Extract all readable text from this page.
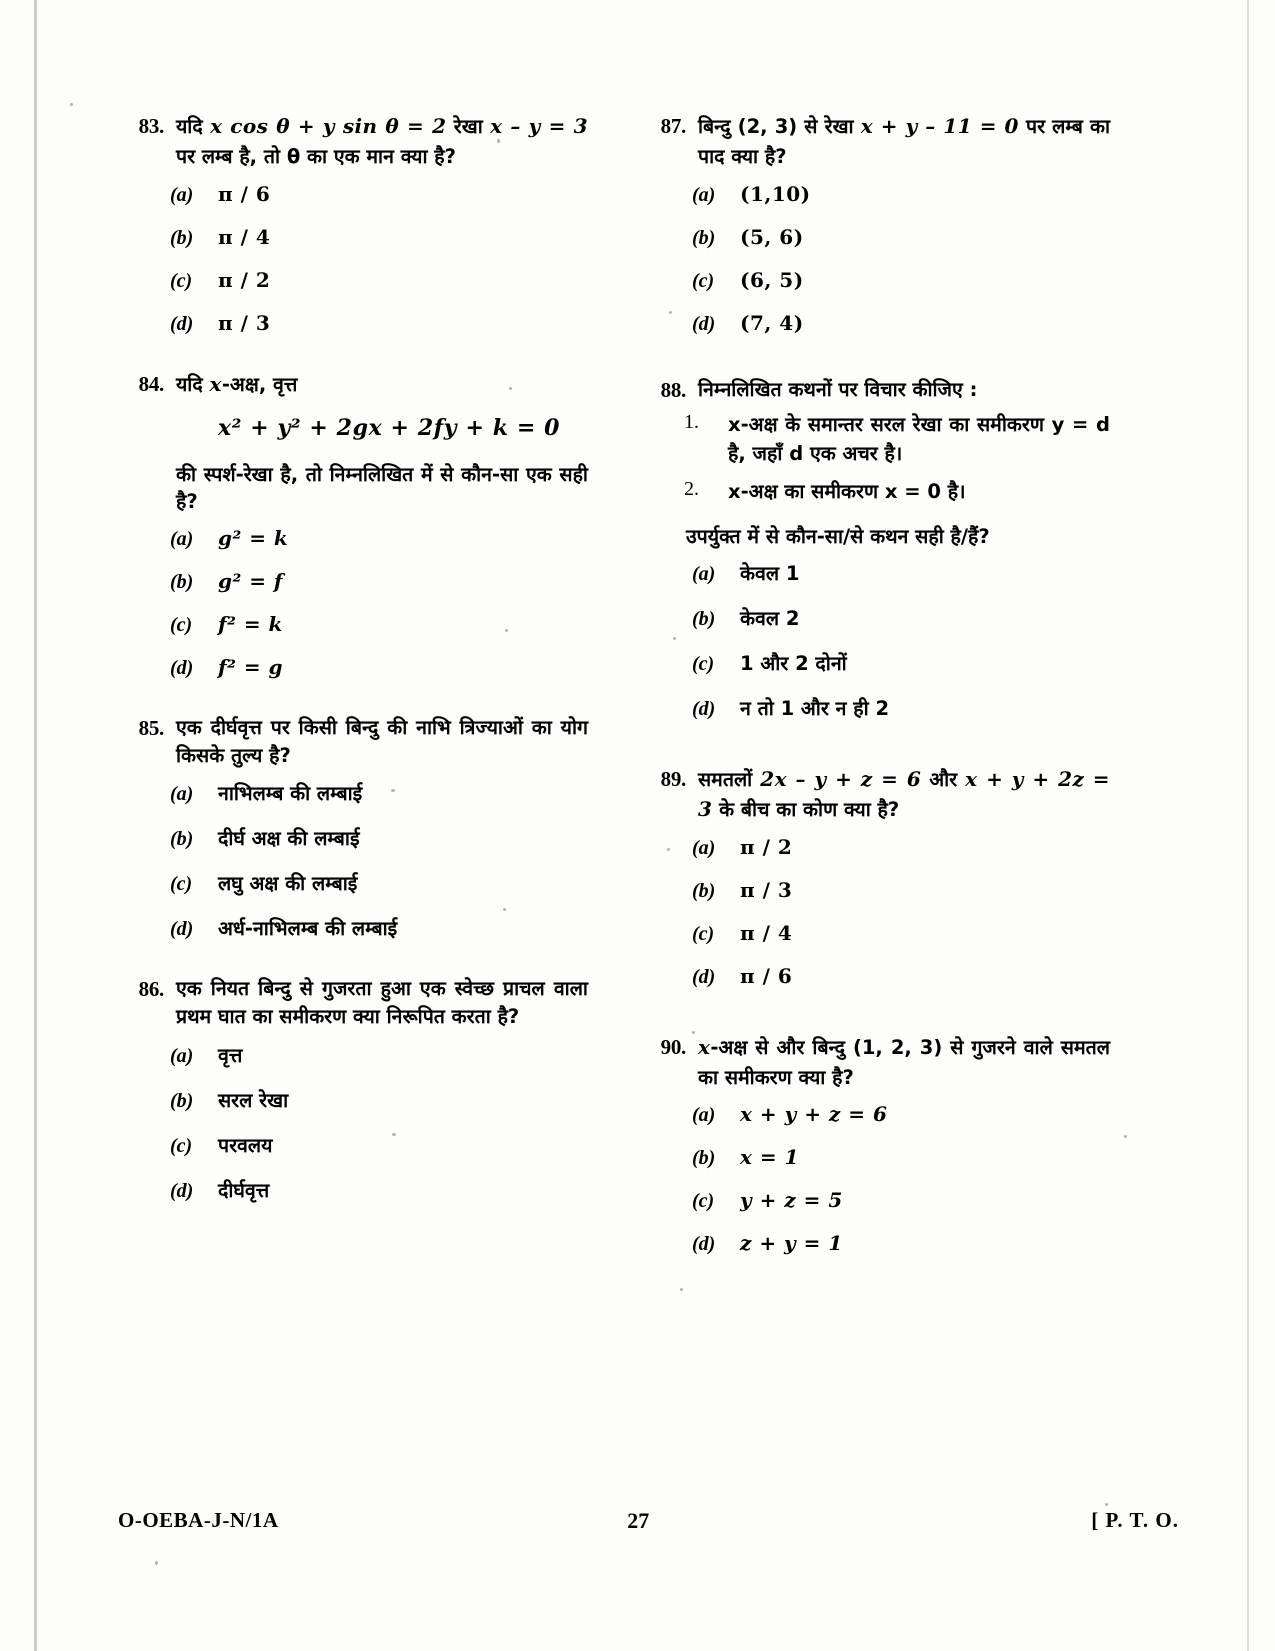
83. यदि x cos θ + y sin θ = 2 रेखा x – y = 3 पर लम्ब है, तो θ का एक मान क्या है?
(a)	π / 6
(b)	π / 4
(c)	π / 2
(d)	π / 3
84. यदि x-अक्ष, वृत्त
x² + y² + 2gx + 2fy + k = 0
की स्पर्श-रेखा है, तो निम्नलिखित में से कौन-सा एक सही है?
(a)	g² = k
(b)	g² = f
(c)	f² = k
(d)	f² = g
85. एक दीर्घवृत्त पर किसी बिन्दु की नाभि त्रिज्याओं का योग किसके तुल्य है?
(a)	नाभिलम्ब की लम्बाई
(b)	दीर्घ अक्ष की लम्बाई
(c)	लघु अक्ष की लम्बाई
(d)	अर्ध-नाभिलम्ब की लम्बाई
86. एक नियत बिन्दु से गुजरता हुआ एक स्वेच्छ प्राचल वाला प्रथम घात का समीकरण क्या निरूपित करता है?
(a)	वृत्त
(b)	सरल रेखा
(c)	परवलय
(d)	दीर्घवृत्त
87. बिन्दु (2, 3) से रेखा x + y – 11 = 0 पर लम्ब का पाद क्या है?
(a)	(1,10)
(b)	(5, 6)
(c)	(6, 5)
(d)	(7, 4)
88. निम्नलिखित कथनों पर विचार कीजिए :
1.	x-अक्ष के समान्तर सरल रेखा का समीकरण y = d है, जहाँ d एक अचर है।
2.	x-अक्ष का समीकरण x = 0 है।
उपर्युक्त में से कौन-सा/से कथन सही है/हैं?
(a)	केवल 1
(b)	केवल 2
(c)	1 और 2 दोनों
(d)	न तो 1 और न ही 2
89. समतलों 2x – y + z = 6 और x + y + 2z = 3 के बीच का कोण क्या है?
(a)	π / 2
(b)	π / 3
(c)	π / 4
(d)	π / 6
90. x-अक्ष से और बिन्दु (1, 2, 3) से गुजरने वाले समतल का समीकरण क्या है?
(a)	x + y + z = 6
(b)	x = 1
(c)	y + z = 5
(d)	z + y = 1
O-OEBA-J-N/1A	27	[ P. T. O.
